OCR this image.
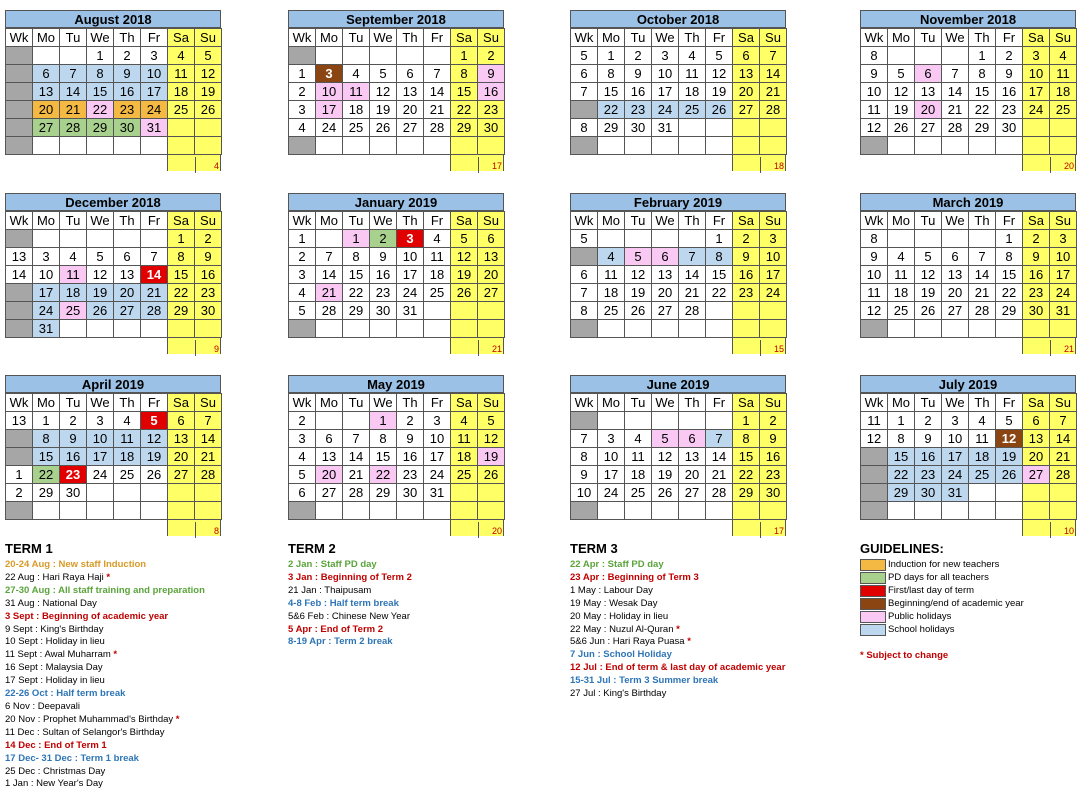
August 2018
Wk	Mo	Tu	We	Th	Fr	Sa	Su
			1	2	3	4	5
	6	7	8	9	10	11	12
	13	14	15	16	17	18	19
	20	21	22	23	24	25	26
	27	28	29	30	31		

4
September 2018
Wk	Mo	Tu	We	Th	Fr	Sa	Su
						1	2
1	3	4	5	6	7	8	9
2	10	11	12	13	14	15	16
3	17	18	19	20	21	22	23
4	24	25	26	27	28	29	30

17
October 2018
Wk	Mo	Tu	We	Th	Fr	Sa	Su
5	1	2	3	4	5	6	7
6	8	9	10	11	12	13	14
7	15	16	17	18	19	20	21
	22	23	24	25	26	27	28
8	29	30	31				

18
November 2018
Wk	Mo	Tu	We	Th	Fr	Sa	Su
8				1	2	3	4
9	5	6	7	8	9	10	11
10	12	13	14	15	16	17	18
11	19	20	21	22	23	24	25
12	26	27	28	29	30		

20
December 2018
Wk	Mo	Tu	We	Th	Fr	Sa	Su
						1	2
13	3	4	5	6	7	8	9
14	10	11	12	13	14	15	16
	17	18	19	20	21	22	23
	24	25	26	27	28	29	30
	31						
9
January 2019
Wk	Mo	Tu	We	Th	Fr	Sa	Su
1		1	2	3	4	5	6
2	7	8	9	10	11	12	13
3	14	15	16	17	18	19	20
4	21	22	23	24	25	26	27
5	28	29	30	31			

21
February 2019
Wk	Mo	Tu	We	Th	Fr	Sa	Su
5					1	2	3
	4	5	6	7	8	9	10
6	11	12	13	14	15	16	17
7	18	19	20	21	22	23	24
8	25	26	27	28			

15
March 2019
Wk	Mo	Tu	We	Th	Fr	Sa	Su
8					1	2	3
9	4	5	6	7	8	9	10
10	11	12	13	14	15	16	17
11	18	19	20	21	22	23	24
12	25	26	27	28	29	30	31

21
April 2019
Wk	Mo	Tu	We	Th	Fr	Sa	Su
13	1	2	3	4	5	6	7
	8	9	10	11	12	13	14
	15	16	17	18	19	20	21
1	22	23	24	25	26	27	28
2	29	30					

8
May 2019
Wk	Mo	Tu	We	Th	Fr	Sa	Su
2			1	2	3	4	5
3	6	7	8	9	10	11	12
4	13	14	15	16	17	18	19
5	20	21	22	23	24	25	26
6	27	28	29	30	31		

20
June 2019
Wk	Mo	Tu	We	Th	Fr	Sa	Su
						1	2
7	3	4	5	6	7	8	9
8	10	11	12	13	14	15	16
9	17	18	19	20	21	22	23
10	24	25	26	27	28	29	30

17
July 2019
Wk	Mo	Tu	We	Th	Fr	Sa	Su
11	1	2	3	4	5	6	7
12	8	9	10	11	12	13	14
	15	16	17	18	19	20	21
	22	23	24	25	26	27	28
	29	30	31				

10
TERM 1
20-24 Aug : New staff Induction
22 Aug : Hari Raya Haji *
27-30 Aug : All staff training and preparation
31 Aug : National Day
3 Sept : Beginning of academic year
9 Sept : King's Birthday
10 Sept : Holiday in lieu
11 Sept : Awal Muharram *
16 Sept : Malaysia Day
17 Sept : Holiday in lieu
22-26 Oct : Half term break
6 Nov : Deepavali
20 Nov : Prophet Muhammad's Birthday *
11 Dec : Sultan of Selangor's Birthday
14 Dec : End of Term 1
17 Dec- 31 Dec : Term 1 break
25 Dec : Christmas Day
1 Jan : New Year's Day
TERM 2
2 Jan : Staff PD day
3 Jan : Beginning of Term 2
21 Jan : Thaipusam
4-8 Feb : Half term break
5&6 Feb : Chinese New Year
5 Apr : End of Term 2
8-19 Apr : Term 2 break
TERM 3
22 Apr : Staff PD day
23 Apr : Beginning of Term 3
1 May : Labour Day
19 May : Wesak Day
20 May : Holiday in lieu
22 May : Nuzul Al-Quran *
5&6 Jun : Hari Raya Puasa *
7 Jun : School Holiday
12 Jul : End of term & last day of academic year
15-31 Jul : Term 3 Summer break
27 Jul : King's Birthday
GUIDELINES:
Induction for new teachers
PD days for all teachers
First/last day of term
Beginning/end of academic year
Public holidays
School holidays
* Subject to change
